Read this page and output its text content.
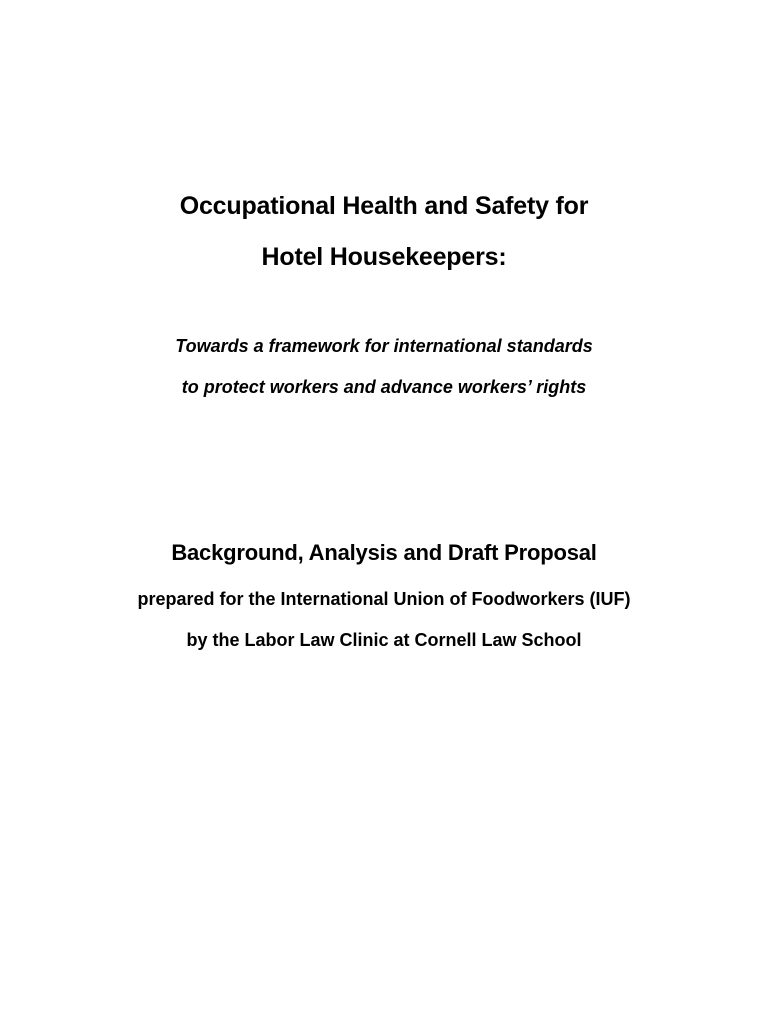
Occupational Health and Safety for
Hotel Housekeepers:
Towards a framework for international standards
to protect workers and advance workers’ rights
Background, Analysis and Draft Proposal
prepared for the International Union of Foodworkers (IUF)
by the Labor Law Clinic at Cornell Law School
